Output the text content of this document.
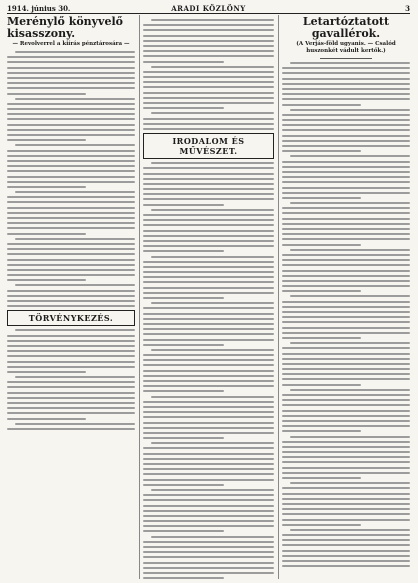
1914. június 30.	ARADI KÖZLÖNY	3
Merénylő könyvelő kisasszony.
— Revolverrel a kiírás pénztárosára —
TÖRVÉNYKEZÉS.
IRODALOM ÉS MŰVÉSZET.
Letartóztatott gavallérok.
(A Verjás-föld ugyanis. — Csalód huszonkét vádult kertők.)
